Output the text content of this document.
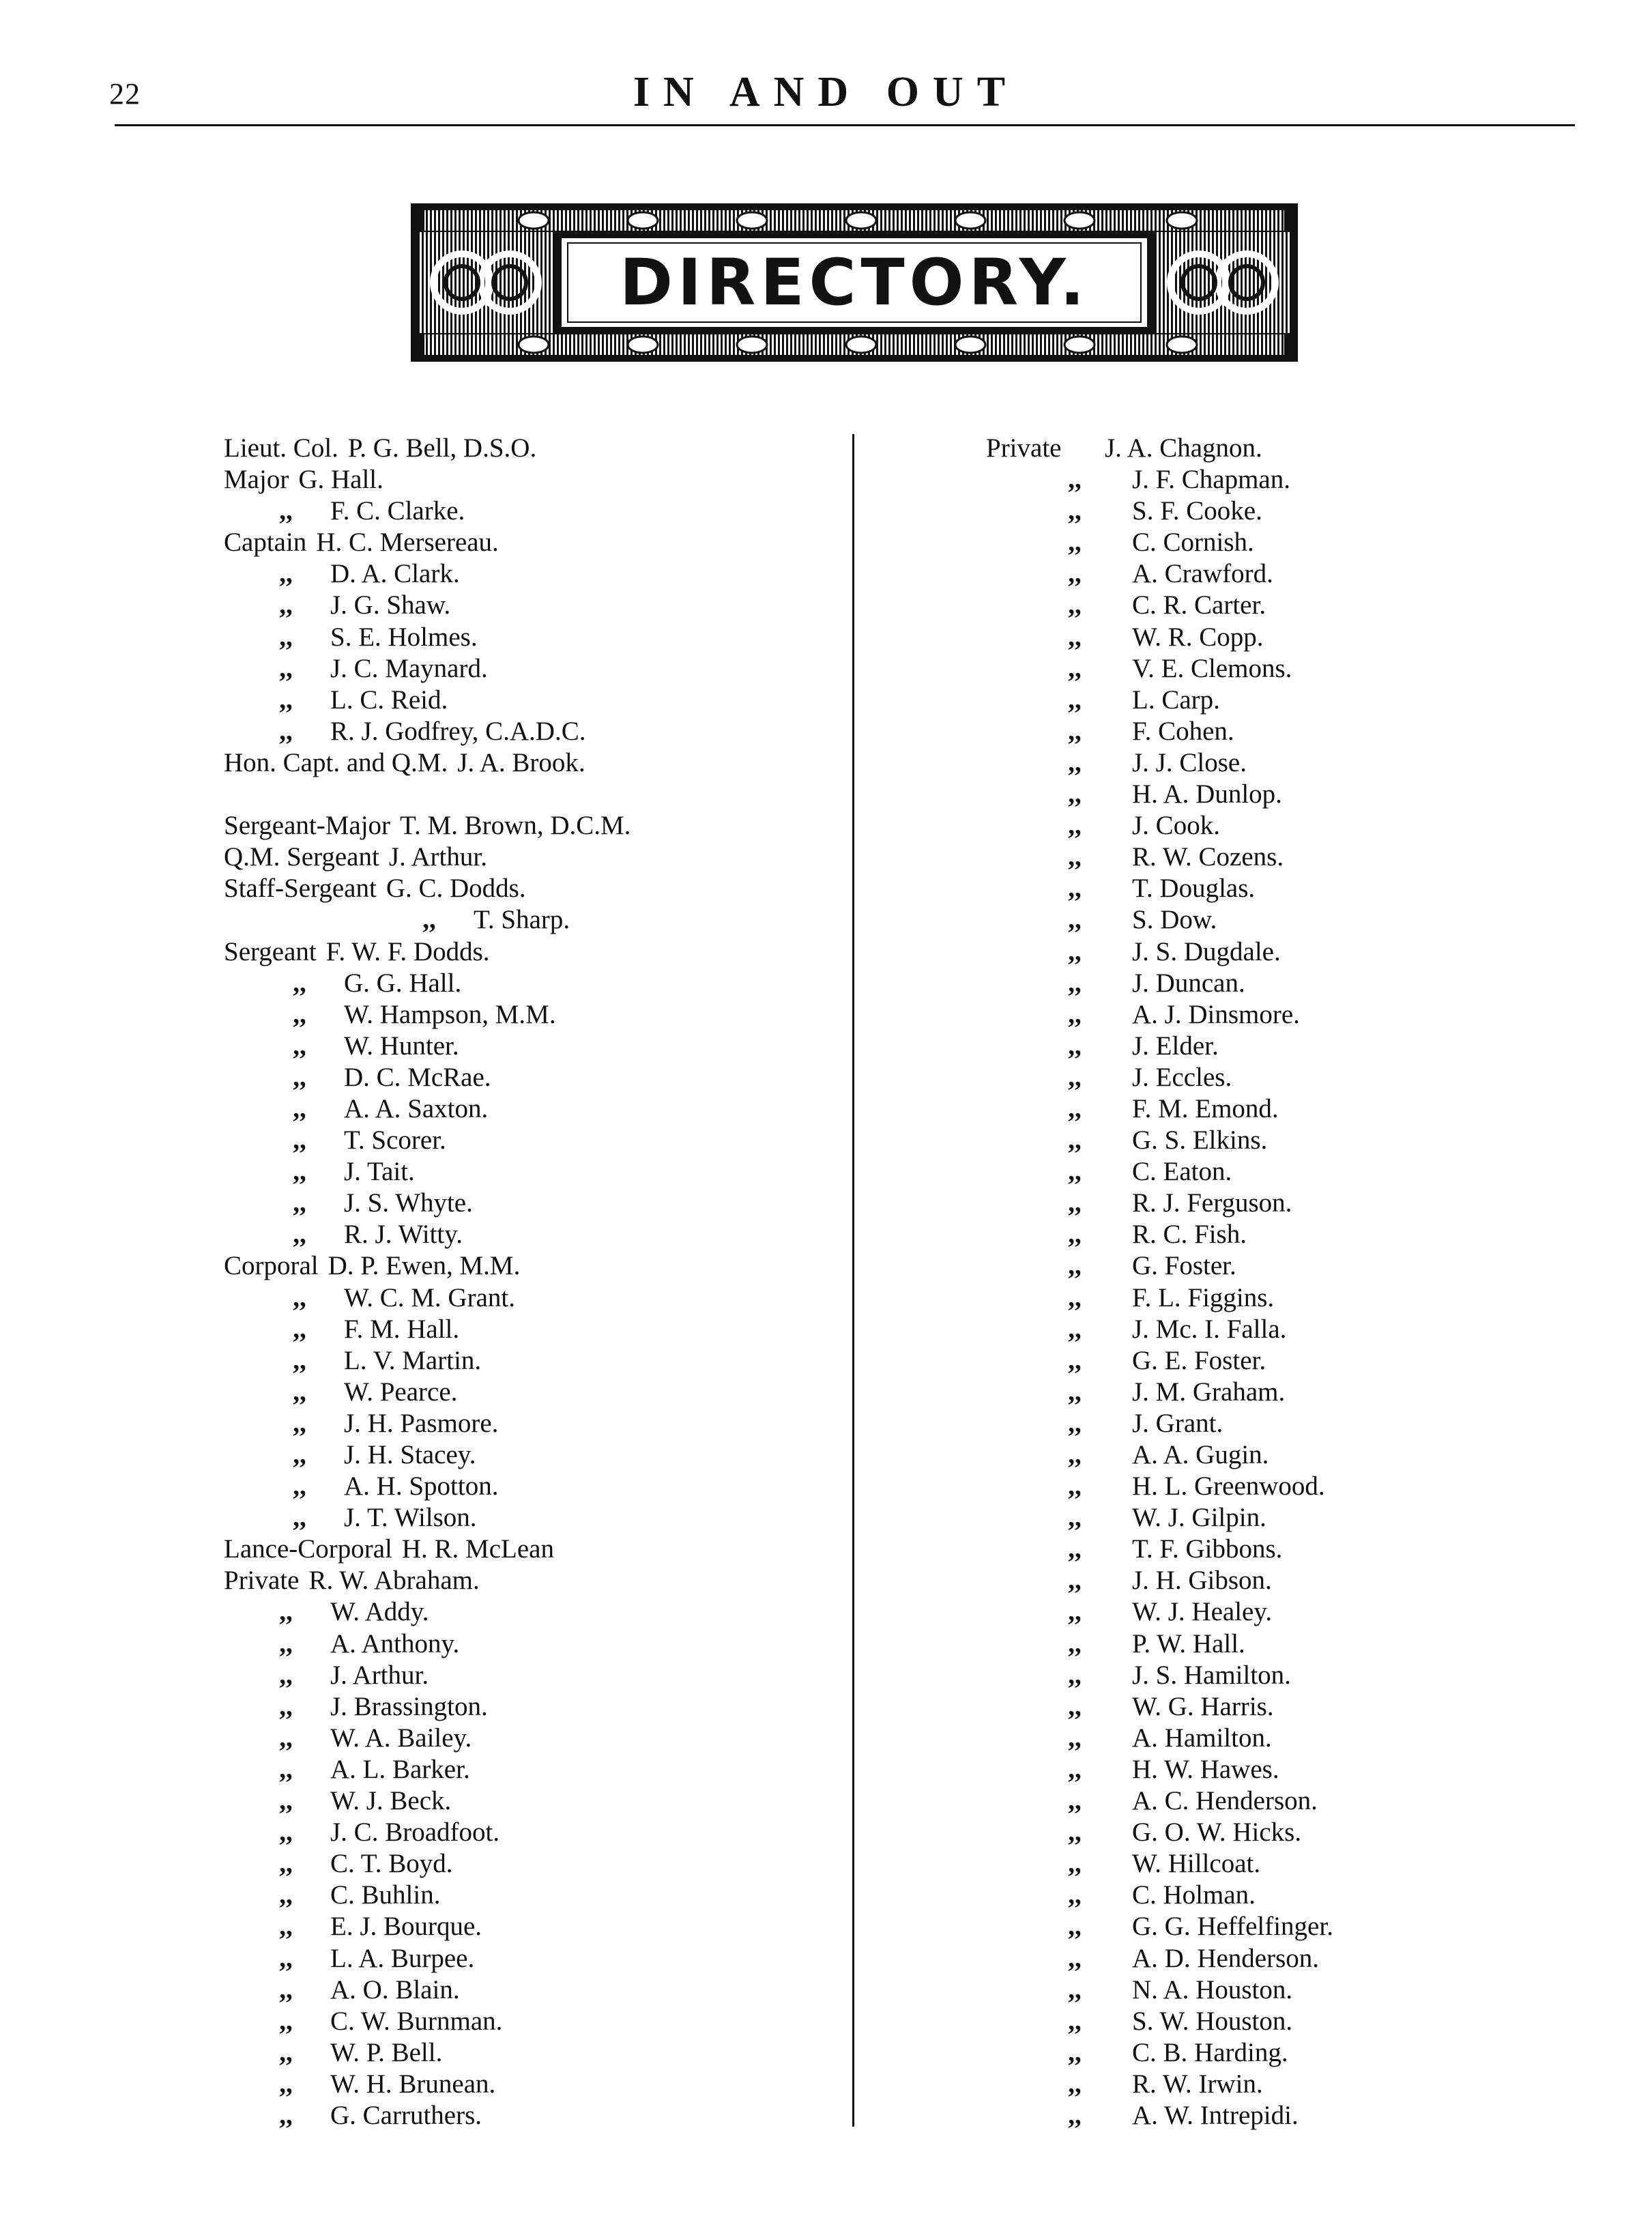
22	IN AND OUT
DIRECTORY.
Lieut. Col. P. G. Bell, D.S.O.
Major G. Hall.
,,	F. C. Clarke.
Captain H. C. Mersereau.
,,	D. A. Clark.
,,	J. G. Shaw.
,,	S. E. Holmes.
,,	J. C. Maynard.
,,	L. C. Reid.
,,	R. J. Godfrey, C.A.D.C.
Hon. Capt. and Q.M. J. A. Brook.
Sergeant-Major T. M. Brown, D.C.M.
Q.M. Sergeant J. Arthur.
Staff-Sergeant G. C. Dodds.
,,	T. Sharp.
Sergeant F. W. F. Dodds.
,,	G. G. Hall.
,,	W. Hampson, M.M.
,,	W. Hunter.
,,	D. C. McRae.
,,	A. A. Saxton.
,,	T. Scorer.
,,	J. Tait.
,,	J. S. Whyte.
,,	R. J. Witty.
Corporal D. P. Ewen, M.M.
,,	W. C. M. Grant.
,,	F. M. Hall.
,,	L. V. Martin.
,,	W. Pearce.
,,	J. H. Pasmore.
,,	J. H. Stacey.
,,	A. H. Spotton.
,,	J. T. Wilson.
Lance-Corporal H. R. McLean
Private R. W. Abraham.
,,	W. Addy.
,,	A. Anthony.
,,	J. Arthur.
,,	J. Brassington.
,,	W. A. Bailey.
,,	A. L. Barker.
,,	W. J. Beck.
,,	J. C. Broadfoot.
,,	C. T. Boyd.
,,	C. Buhlin.
,,	E. J. Bourque.
,,	L. A. Burpee.
,,	A. O. Blain.
,,	C. W. Burnman.
,,	W. P. Bell.
,,	W. H. Brunean.
,,	G. Carruthers.
Private	J. A. Chagnon.
,,	J. F. Chapman.
,,	S. F. Cooke.
,,	C. Cornish.
,,	A. Crawford.
,,	C. R. Carter.
,,	W. R. Copp.
,,	V. E. Clemons.
,,	L. Carp.
,,	F. Cohen.
,,	J. J. Close.
,,	H. A. Dunlop.
,,	J. Cook.
,,	R. W. Cozens.
,,	T. Douglas.
,,	S. Dow.
,,	J. S. Dugdale.
,,	J. Duncan.
,,	A. J. Dinsmore.
,,	J. Elder.
,,	J. Eccles.
,,	F. M. Emond.
,,	G. S. Elkins.
,,	C. Eaton.
,,	R. J. Ferguson.
,,	R. C. Fish.
,,	G. Foster.
,,	F. L. Figgins.
,,	J. Mc. I. Falla.
,,	G. E. Foster.
,,	J. M. Graham.
,,	J. Grant.
,,	A. A. Gugin.
,,	H. L. Greenwood.
,,	W. J. Gilpin.
,,	T. F. Gibbons.
,,	J. H. Gibson.
,,	W. J. Healey.
,,	P. W. Hall.
,,	J. S. Hamilton.
,,	W. G. Harris.
,,	A. Hamilton.
,,	H. W. Hawes.
,,	A. C. Henderson.
,,	G. O. W. Hicks.
,,	W. Hillcoat.
,,	C. Holman.
,,	G. G. Heffelfinger.
,,	A. D. Henderson.
,,	N. A. Houston.
,,	S. W. Houston.
,,	C. B. Harding.
,,	R. W. Irwin.
,,	A. W. Intrepidi.
